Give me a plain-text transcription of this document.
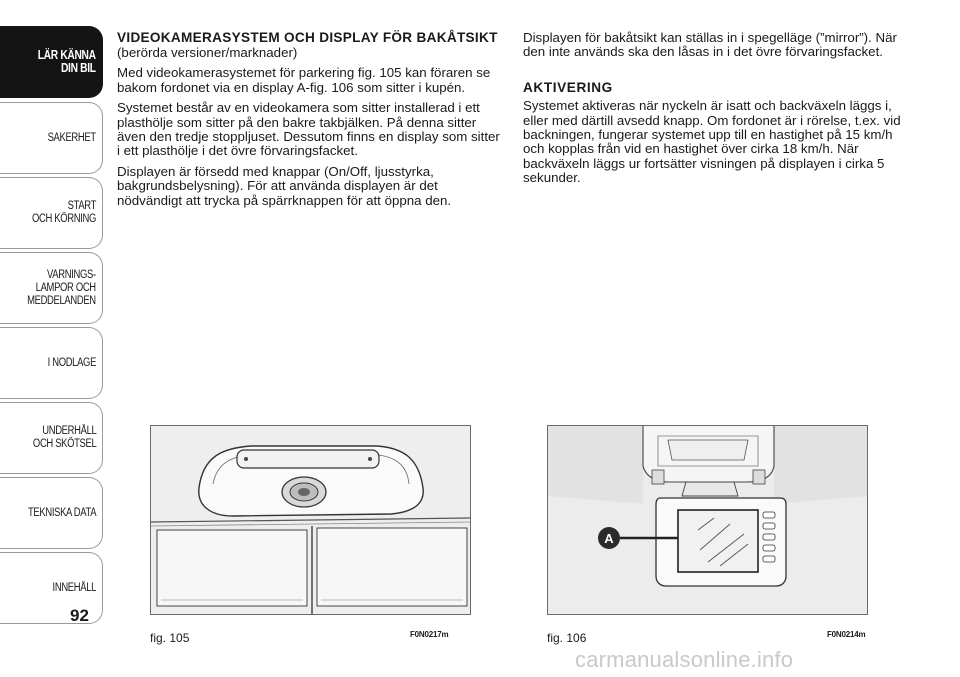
LÄR KÄNNA
DIN BIL
SÄKERHET
START
OCH KÖRNING
VARNINGS-
LAMPOR OCH
MEDDELANDEN
I NÖDLÄGE
UNDERHÅLL
OCH SKÖTSEL
TEKNISKA DATA
INNEHÅLL
92
VIDEOKAMERASYSTEM OCH DISPLAY FÖR BAKÅTSIKT
(berörda versioner/marknader)

Med videokamerasystemet för parkering fig. 105 kan föraren se bakom fordonet via en display A-fig. 106 som sitter i kupén.

Systemet består av en videokamera som sitter installerad i ett plasthölje som sitter på den bakre takbjälken. På denna sitter även den tredje stoppljuset. Dessutom finns en display som sitter i ett plasthölje i det övre förvaringsfacket.

Displayen är försedd med knappar (On/Off, ljusstyrka, bakgrundsbelysning). För att använda displayen är det nödvändigt att trycka på spärrknappen för att öppna den.

Displayen för bakåtsikt kan ställas in i spegelläge (”mirror”). När den inte används ska den låsas in i det övre förvaringsfacket.

AKTIVERING

Systemet aktiveras när nyckeln är isatt och backväxeln läggs i, eller med därtill avsedd knapp. Om fordonet är i rörelse, t.ex. vid backningen, fungerar systemet upp till en hastighet på 15 km/h och kopplas från vid en hastighet över cirka 18 km/h. När backväxeln läggs ur fortsätter visningen på displayen i cirka 5 sekunder.

fig. 105	F0N0217m
A
fig. 106	F0N0214m
carmanualsonline.info
